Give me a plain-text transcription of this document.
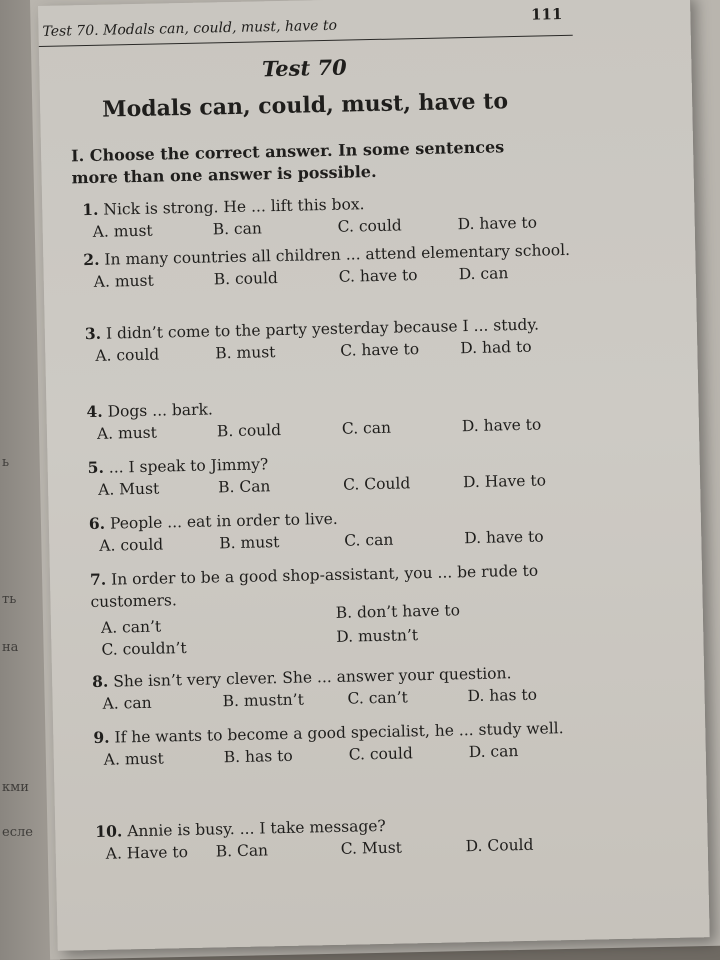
ь
ть
на
кми
есле
Test 70. Modals can, could, must, have to
111
Test 70
Modals can, could, must, have to
I. Choose the correct answer. In some sentences more than one answer is possible.
1. Nick is strong. He ... lift this box.
A. must	B. can	C. could	D. have to
2. In many countries all children ... attend elementary school.
A. must	B. could	C. have to	D. can
3. I didn’t come to the party yesterday because I ... study.
A. could	B. must	C. have to	D. had to
4. Dogs ... bark.
A. must	B. could	C. can	D. have to
5. ... I speak to Jimmy?
A. Must	B. Can	C. Could	D. Have to
6. People ... eat in order to live.
A. could	B. must	C. can	D. have to
7. In order to be a good shop-assistant, you ... be rude to customers.
A. can’t
B. don’t have to
C. couldn’t
D. mustn’t
8. She isn’t very clever. She ... answer your question.
A. can	B. mustn’t	C. can’t	D. has to
9. If he wants to become a good specialist, he ... study well.
A. must	B. has to	C. could	D. can
10. Annie is busy. ... I take message?
A. Have to B. Can	C. Must	D. Could
